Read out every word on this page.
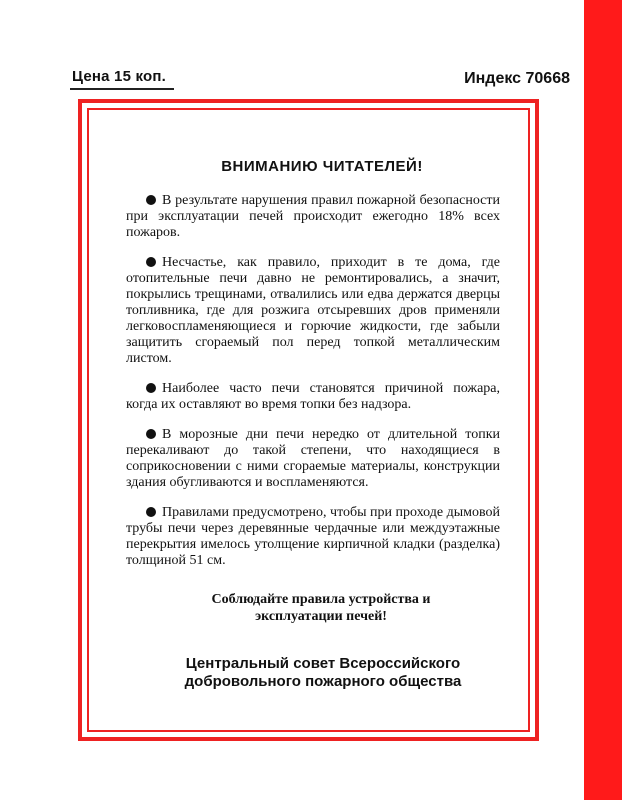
Цена 15 коп.	Индекс 70668
ВНИМАНИЮ ЧИТАТЕЛЕЙ!

В результате нарушения правил пожарной безопасности при эксплуатации печей происходит ежегодно 18% всех пожаров.

Несчастье, как правило, приходит в те дома, где отопительные печи давно не ремонтировались, а значит, покрылись трещинами, отвалились или едва держатся дверцы топливника, где для розжига отсыревших дров применяли легковоспламеняющиеся и горючие жидкости, где забыли защитить сгораемый пол перед топкой металлическим листом.

Наиболее часто печи становятся причиной пожара, когда их оставляют во время топки без надзора.

В морозные дни печи нередко от длительной топки перекаливают до такой степени, что находящиеся в соприкосновении с ними сгораемые материалы, конструкции здания обугливаются и воспламеняются.

Правилами предусмотрено, чтобы при проходе дымовой трубы печи через деревянные чердачные или междуэтажные перекрытия имелось утолщение кирпичной кладки (разделка) толщиной 51 см.

Соблюдайте правила устройства и
эксплуатации печей!
Центральный совет Всероссийского
добровольного пожарного общества
